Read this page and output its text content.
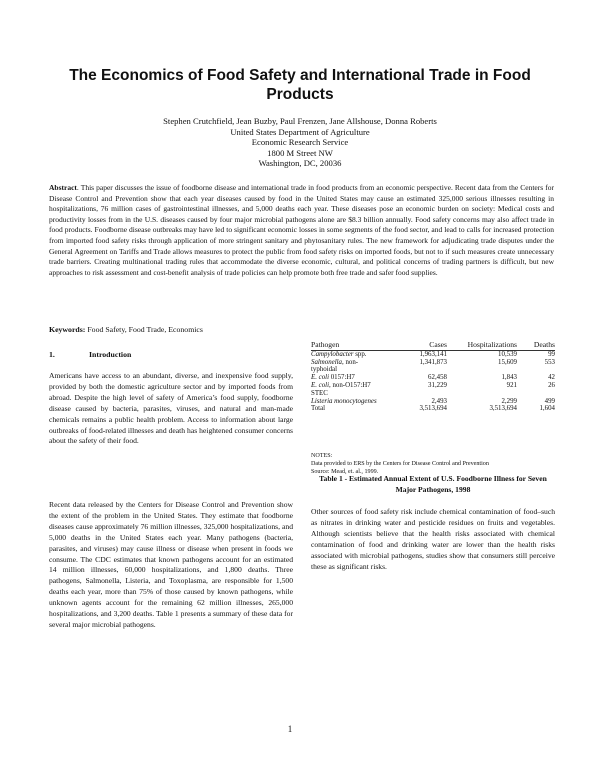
The Economics of Food Safety and International Trade in Food Products
Stephen Crutchfield, Jean Buzby, Paul Frenzen, Jane Allshouse, Donna Roberts
United States Department of Agriculture
Economic Research Service
1800 M Street NW
Washington, DC, 20036
Abstract. This paper discusses the issue of foodborne disease and international trade in food products from an economic perspective. Recent data from the Centers for Disease Control and Prevention show that each year diseases caused by food in the United States may cause an estimated 325,000 serious illnesses resulting in hospitalizations, 76 million cases of gastrointestinal illnesses, and 5,000 deaths each year. These diseases pose an economic burden on society: Medical costs and productivity losses from in the U.S. diseases caused by four major microbial pathogens alone are $8.3 billion annually. Food safety concerns may also affect trade in food products. Foodborne disease outbreaks may have led to significant economic losses in some segments of the food sector, and lead to calls for increased protection from imported food safety risks through application of more stringent sanitary and phytosanitary rules. The new framework for adjudicating trade disputes under the General Agreement on Tariffs and Trade allows measures to protect the public from food safety risks on imported foods, but not to if such measures create unnecessary trade barriers. Creating multinational trading rules that accommodate the diverse economic, cultural, and political concerns of trading partners is difficult, but new approaches to risk assessment and cost-benefit analysis of trade policies can help promote both free trade and safer food supplies.
Keywords: Food Safety, Food Trade, Economics
1.	Introduction
Americans have access to an abundant, diverse, and inexpensive food supply, provided by both the domestic agriculture sector and by imported foods from abroad. Despite the high level of safety of America’s food supply, foodborne disease caused by bacteria, parasites, viruses, and natural and man-made chemicals remains a public health problem. Access to information about large outbreaks of food-related illnesses and death has heightened consumer concerns about the safety of their food.
Recent data released by the Centers for Disease Control and Prevention show the extent of the problem in the United States. They estimate that foodborne diseases cause approximately 76 million illnesses, 325,000 hospitalizations, and 5,000 deaths in the United States each year. Many pathogens (bacteria, parasites, and viruses) may cause illness or disease when present in foods we consume. The CDC estimates that known pathogens account for an estimated 14 million illnesses, 60,000 hospitalizations, and 1,800 deaths. Three pathogens, Salmonella, Listeria, and Toxoplasma, are responsible for 1,500 deaths each year, more than 75% of those caused by known pathogens, while unknown agents account for the remaining 62 million illnesses, 265,000 hospitalizations, and 3,200 deaths. Table 1 presents a summary of these data for several major microbial pathogens.
Pathogen	Cases	Hospitalizations	Deaths
Campylobacter spp.	1,963,141	10,539	99
Salmonella, non-
typhoidal	1,341,873	15,609	553
E. coli 0157:H7	62,458	1,843	42
E. coli, non-O157:H7
STEC	31,229	921	26
Listeria monocytogenes	2,493	2,299	499
Total	3,513,694	3,513,694	1,604
NOTES:
Data provided to ERS by the Centers for Disease Control and Prevention
Source: Mead, et. al., 1999.
Table 1 - Estimated Annual Extent of U.S. Foodborne Illness for Seven Major Pathogens, 1998
Other sources of food safety risk include chemical contamination of food–such as nitrates in drinking water and pesticide residues on fruits and vegetables. Although scientists believe that the health risks associated with chemical contamination of food and drinking water are lower than the health risks associated with microbial pathogens, studies show that consumers still perceive these as significant risks.
1
